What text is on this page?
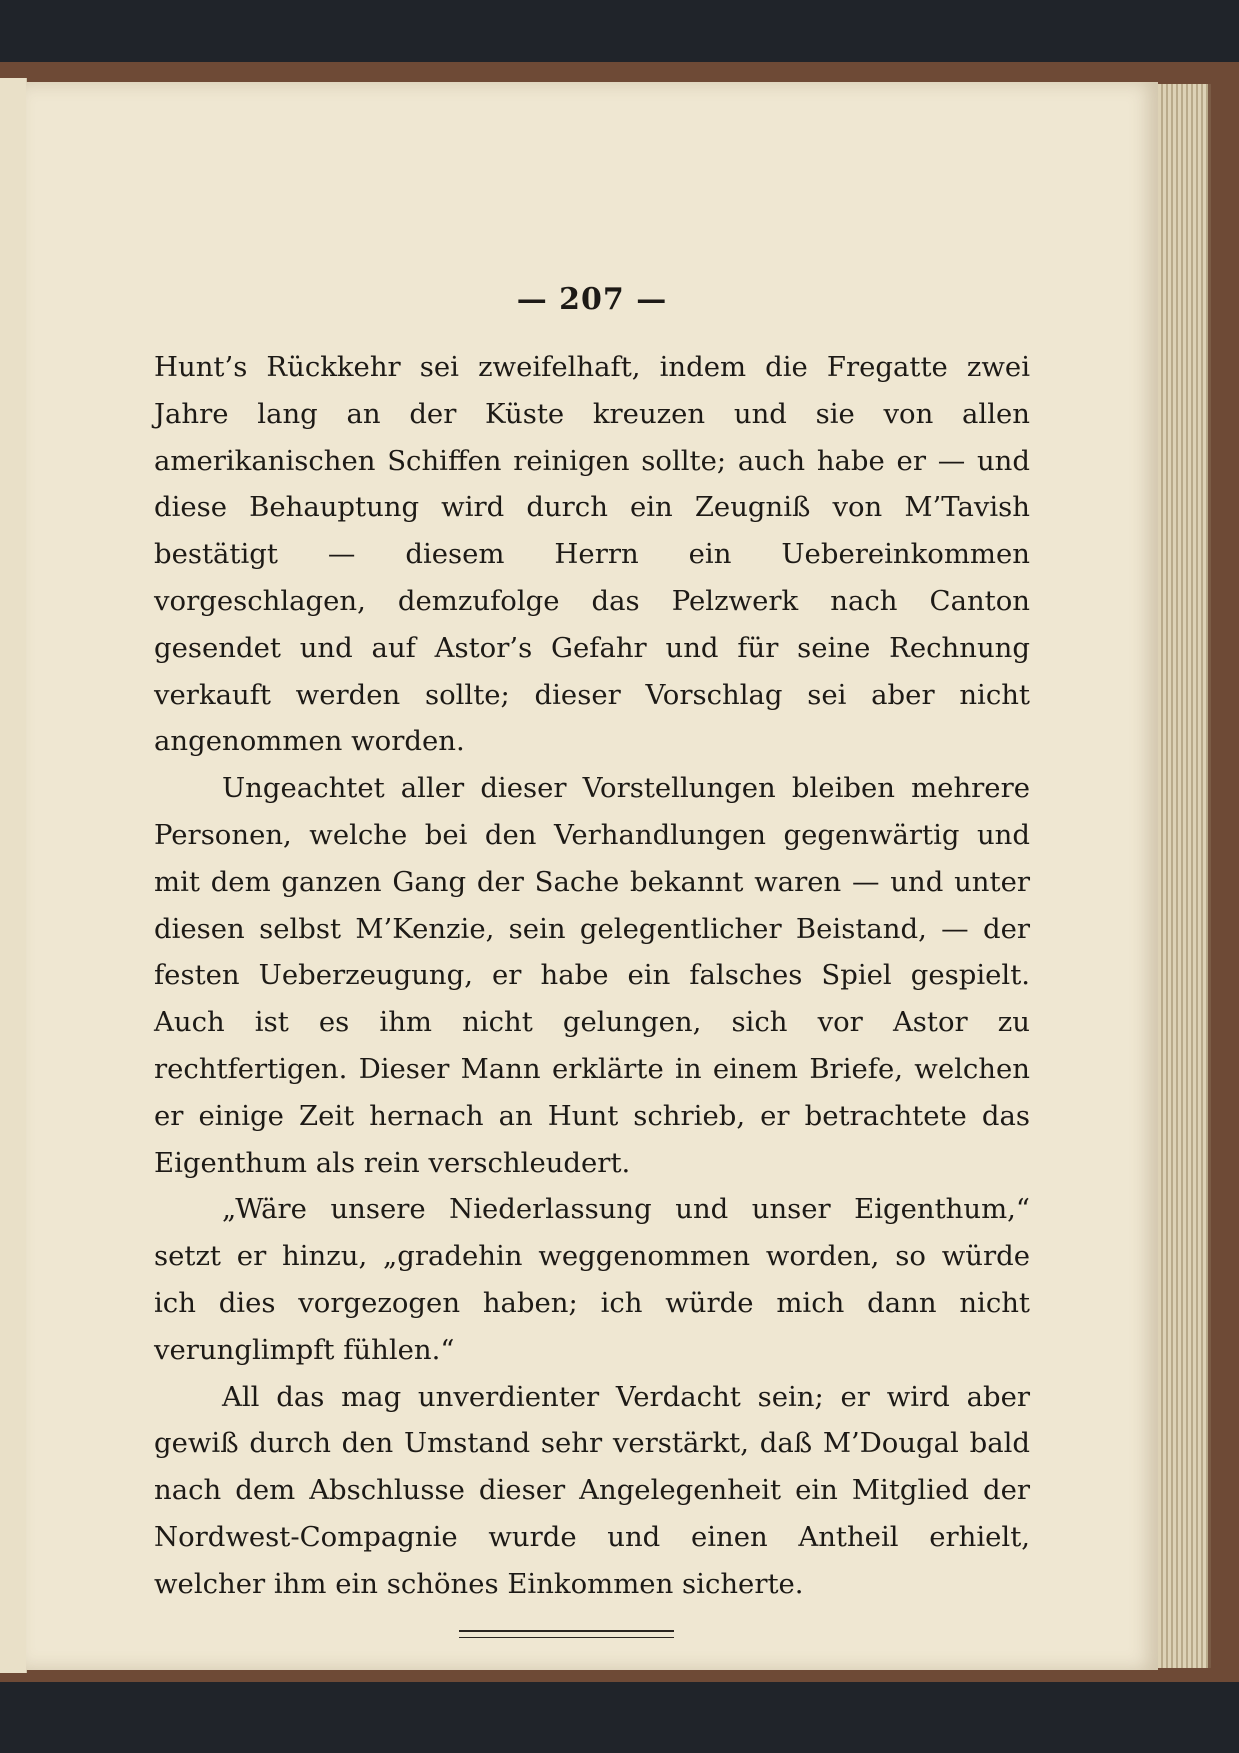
— 207 —

Hunt’s Rückkehr sei zweifelhaft, indem die Fregatte zwei Jahre lang an der Küste kreuzen und sie von allen amerikanischen Schiffen reinigen sollte; auch habe er — und diese Behauptung wird durch ein Zeugniß von M’Tavish bestätigt — diesem Herrn ein Uebereinkommen vorgeschlagen, demzufolge das Pelzwerk nach Canton gesendet und auf Astor’s Gefahr und für seine Rechnung verkauft werden sollte; dieser Vorschlag sei aber nicht angenommen worden.

Ungeachtet aller dieser Vorstellungen bleiben mehrere Personen, welche bei den Verhandlungen gegenwärtig und mit dem ganzen Gang der Sache bekannt waren — und unter diesen selbst M’Kenzie, sein gelegentlicher Beistand, — der festen Ueberzeugung, er habe ein falsches Spiel gespielt. Auch ist es ihm nicht gelungen, sich vor Astor zu rechtfertigen. Dieser Mann erklärte in einem Briefe, welchen er einige Zeit hernach an Hunt schrieb, er betrachtete das Eigenthum als rein verschleudert.

„Wäre unsere Niederlassung und unser Eigenthum,“ setzt er hinzu, „gradehin weggenommen worden, so würde ich dies vorgezogen haben; ich würde mich dann nicht verunglimpft fühlen.“

All das mag unverdienter Verdacht sein; er wird aber gewiß durch den Umstand sehr verstärkt, daß M’Dougal bald nach dem Abschlusse dieser Angelegenheit ein Mitglied der Nordwest-Compagnie wurde und einen Antheil erhielt, welcher ihm ein schönes Einkommen sicherte.
